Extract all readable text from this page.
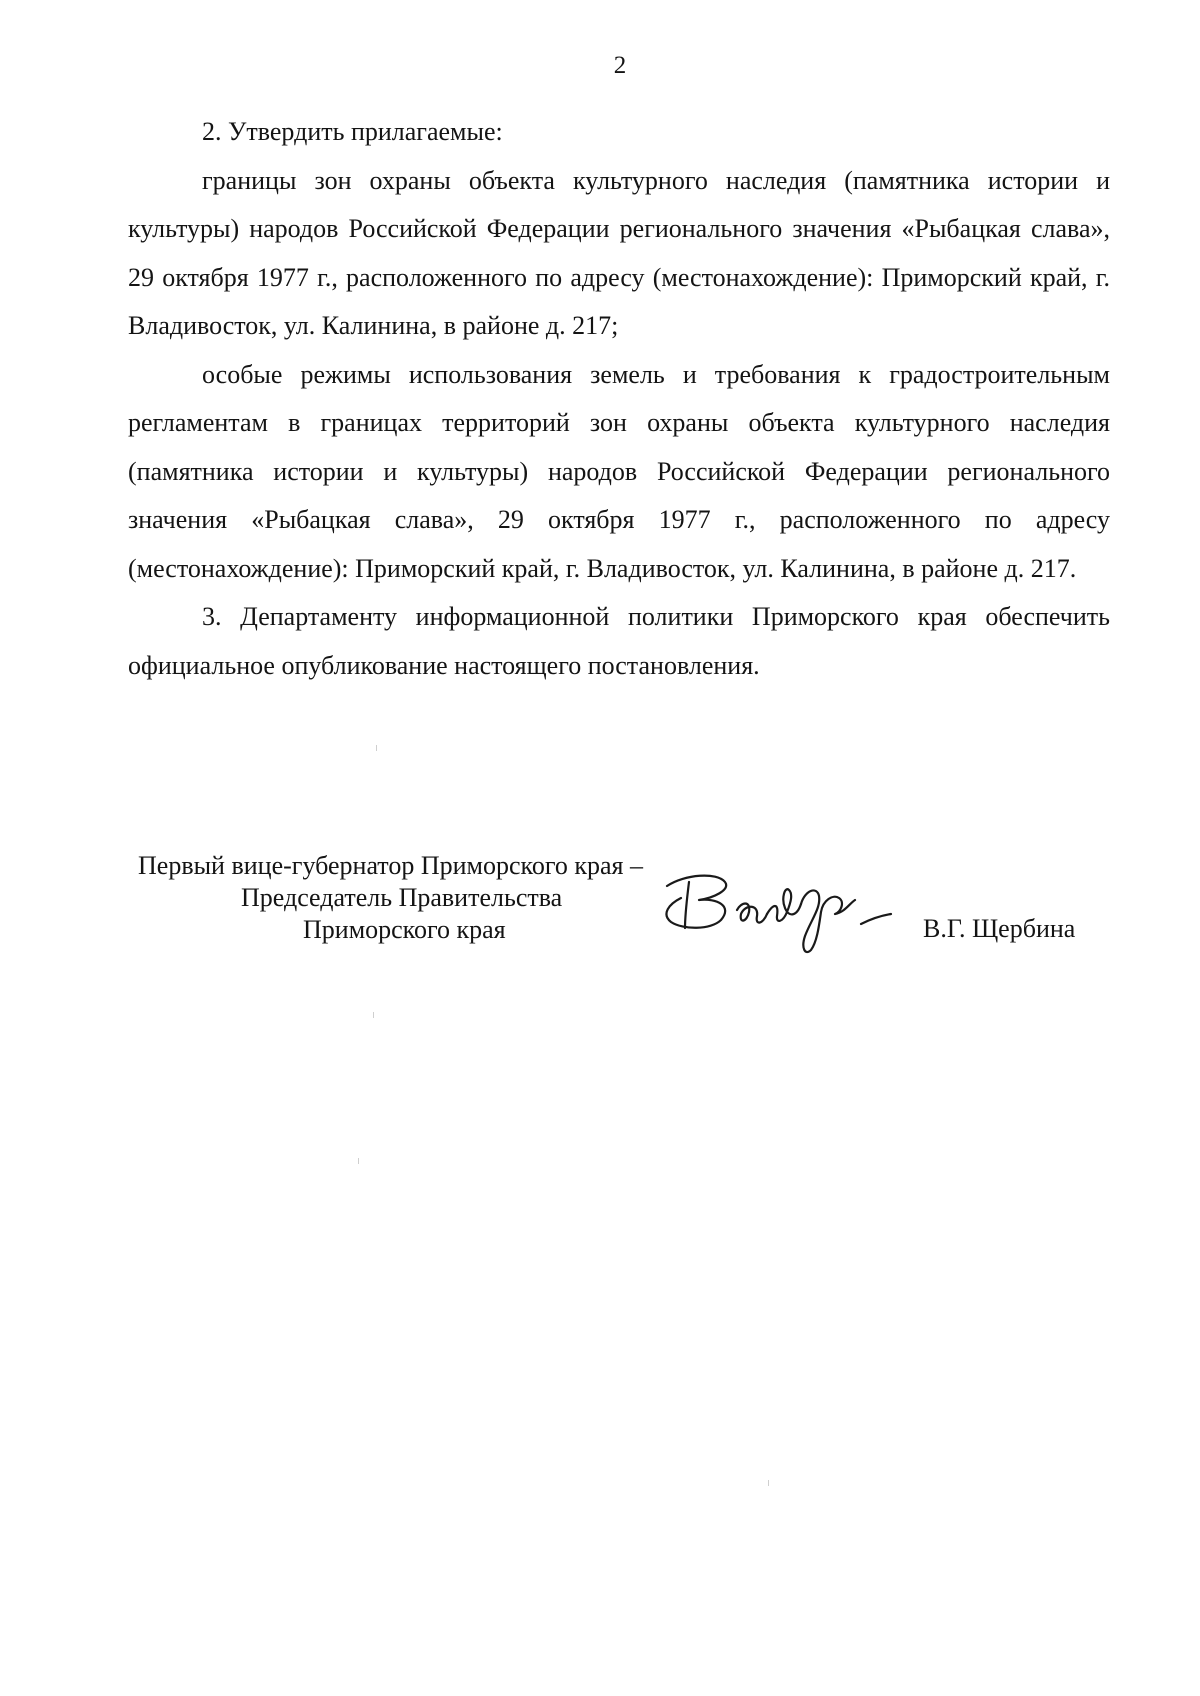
2

2. Утвердить прилагаемые:

границы зон охраны объекта культурного наследия (памятника истории и культуры) народов Российской Федерации регионального значения «Рыбацкая слава», 29 октября 1977 г., расположенного по адресу (местонахождение): Приморский край, г. Владивосток, ул. Калинина, в районе д. 217;

особые режимы использования земель и требования к градостроительным регламентам в границах территорий зон охраны объекта культурного наследия (памятника истории и культуры) народов Российской Федерации регионального значения «Рыбацкая слава», 29 октября 1977 г., расположенного по адресу (местонахождение): Приморский край, г. Владивосток, ул. Калинина, в районе д. 217.

3. Департаменту информационной политики Приморского края обеспечить официальное опубликование настоящего постановления.

Первый вице-губернатор Приморского края –
Председатель Правительства
Приморского края	В.Г. Щербина
